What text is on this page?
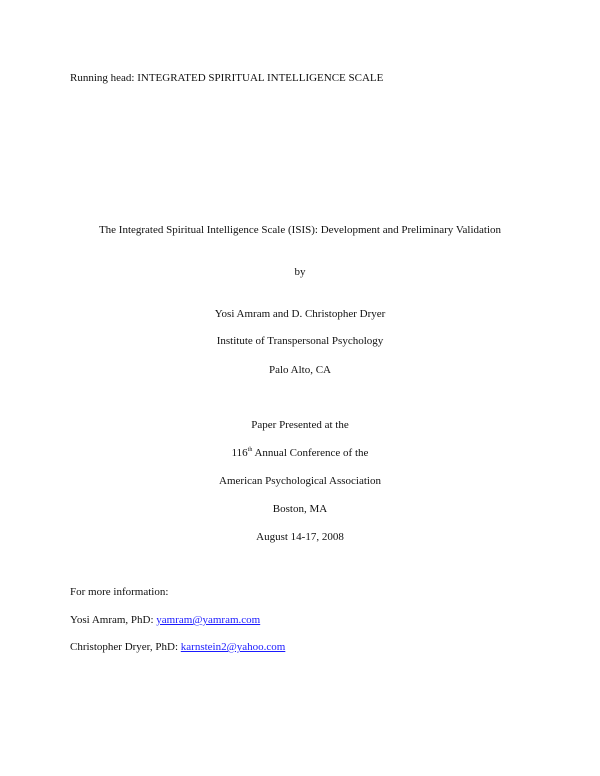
Running head: INTEGRATED SPIRITUAL INTELLIGENCE SCALE
The Integrated Spiritual Intelligence Scale (ISIS): Development and Preliminary Validation
by
Yosi Amram and D. Christopher Dryer
Institute of Transpersonal Psychology
Palo Alto, CA
Paper Presented at the
116th Annual Conference of the
American Psychological Association
Boston, MA
August 14-17, 2008
For more information:
Yosi Amram, PhD: yamram@yamram.com
Christopher Dryer, PhD: karnstein2@yahoo.com
